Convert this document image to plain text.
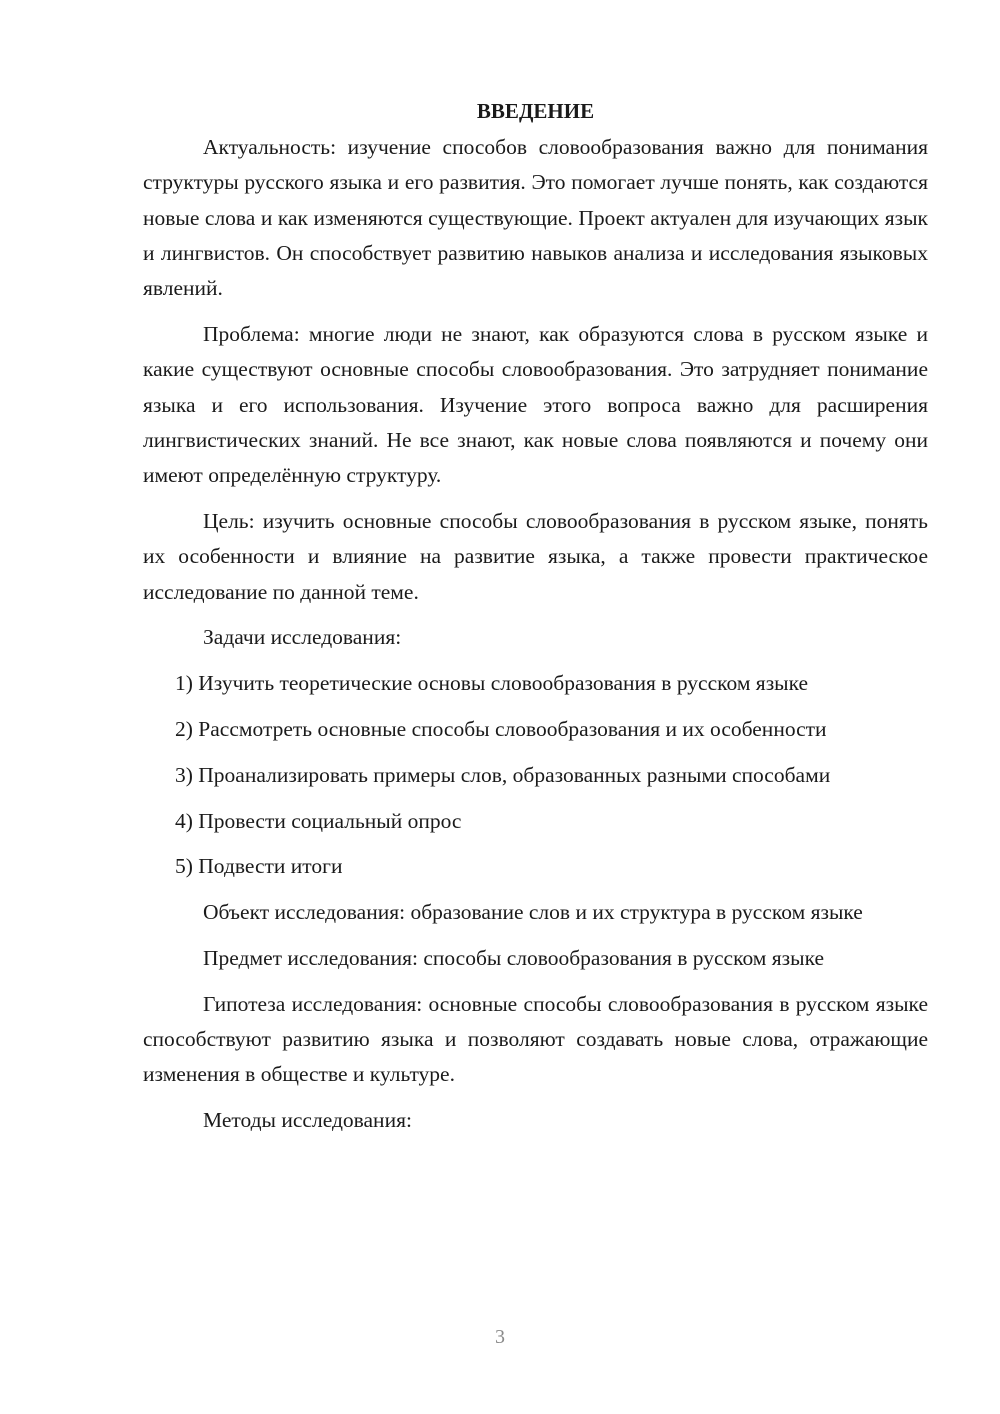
ВВЕДЕНИЕ

Актуальность: изучение способов словообразования важно для понимания структуры русского языка и его развития. Это помогает лучше понять, как создаются новые слова и как изменяются существующие. Проект актуален для изучающих язык и лингвистов. Он способствует развитию навыков анализа и исследования языковых явлений.

Проблема: многие люди не знают, как образуются слова в русском языке и какие существуют основные способы словообразования. Это затрудняет понимание языка и его использования. Изучение этого вопроса важно для расширения лингвистических знаний. Не все знают, как новые слова появляются и почему они имеют определённую структуру.

Цель: изучить основные способы словообразования в русском языке, понять их особенности и влияние на развитие языка, а также провести практическое исследование по данной теме.

Задачи исследования:

1) Изучить теоретические основы словообразования в русском языке

2) Рассмотреть основные способы словообразования и их особенности

3) Проанализировать примеры слов, образованных разными способами

4) Провести социальный опрос

5) Подвести итоги

Объект исследования: образование слов и их структура в русском языке

Предмет исследования: способы словообразования в русском языке

Гипотеза исследования: основные способы словообразования в русском языке способствуют развитию языка и позволяют создавать новые слова, отражающие изменения в обществе и культуре.

Методы исследования:

3
